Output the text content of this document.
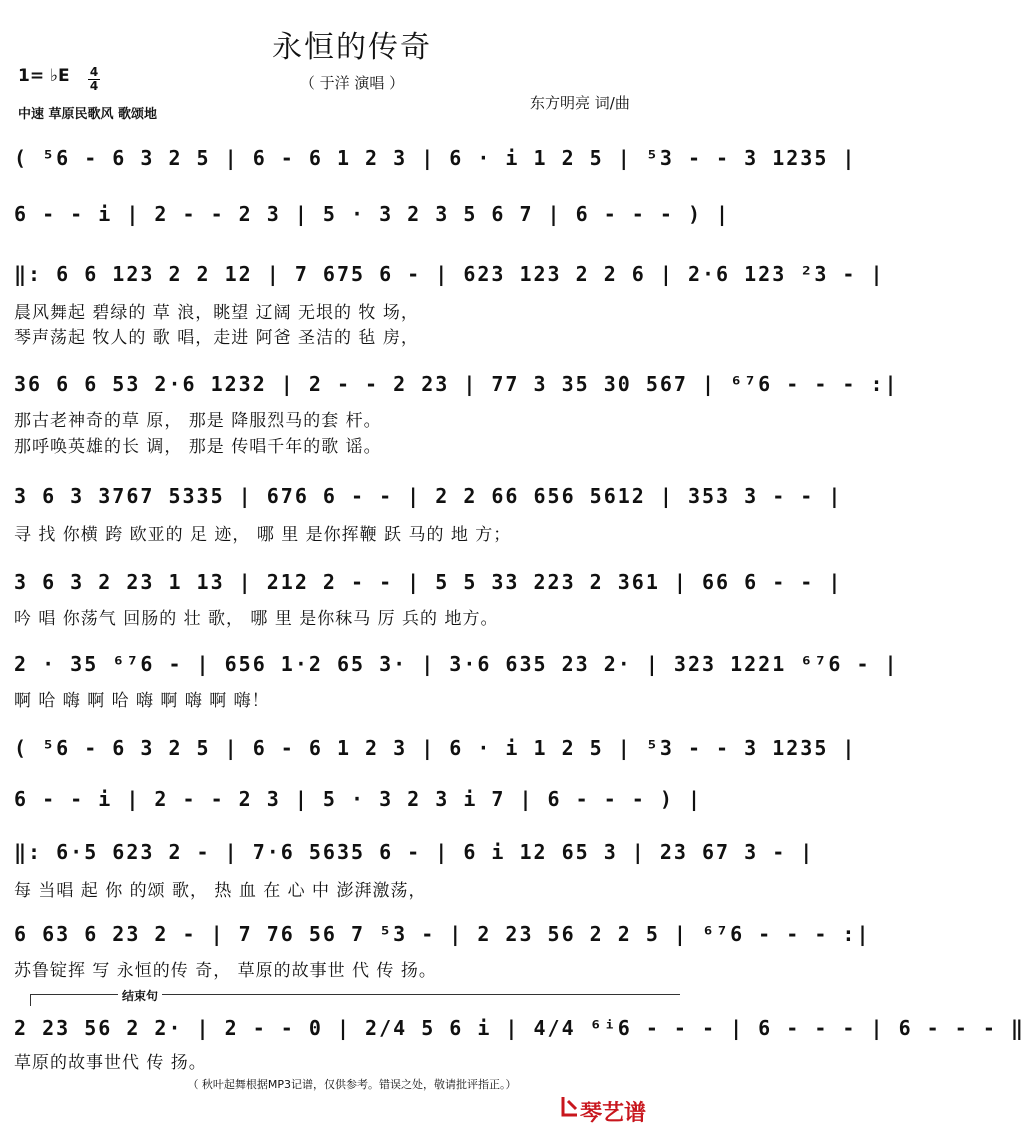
永恒的传奇
（ 于洋 演唱 ）
1= ♭E 4
4
中速 草原民歌风 歌颂地
东方明亮 词/曲
( ⁵6 - 6 3 2 5 | 6 - 6 1 2 3 | 6 · i 1 2 5 | ⁵3 - - 3 1235 |
6 - - i | 2 - - 2 3 | 5 · 3 2 3 5 6 7 | 6 - - - ) |
‖: 6 6 123 2 2 12 | 7 675 6 - | 623 123 2 2 6 | 2·6 123 ²3 - |
晨风舞起 碧绿的 草 浪，眺望 辽阔 无垠的 牧 场，
琴声荡起 牧人的 歌 唱，走进 阿爸 圣洁的 毡 房，
36 6 6 53 2·6 1232 | 2 - - 2 23 | 77 3 35 30 567 | ⁶⁷6 - - - :|
那古老神奇的草 原， 那是 降服烈马的套 杆。
那呼唤英雄的长 调， 那是 传唱千年的歌 谣。
3 6 3 3767 5335 | 676 6 - - | 2 2 66 656 5612 | 353 3 - - |
寻 找 你横 跨 欧亚的 足 迹， 哪 里 是你挥鞭 跃 马的 地 方；
3 6 3 2 23 1 13 | 212 2 - - | 5 5 33 223 2 361 | 66 6 - - |
吟 唱 你荡气 回肠的 壮 歌， 哪 里 是你秣马 厉 兵的 地方。
2 · 35 ⁶⁷6 - | 656 1·2 65 3· | 3·6 635 23 2· | 323 1221 ⁶⁷6 - |
啊 哈 嗨 啊 哈 嗨 啊 嗨 啊 嗨！
( ⁵6 - 6 3 2 5 | 6 - 6 1 2 3 | 6 · i 1 2 5 | ⁵3 - - 3 1235 |
6 - - i | 2 - - 2 3 | 5 · 3 2 3 i 7 | 6 - - - ) |
‖: 6·5 623 2 - | 7·6 5635 6 - | 6 i 12 65 3 | 23 67 3 - |
每 当唱 起 你 的颂 歌， 热 血 在 心 中 澎湃激荡，
6 63 6 23 2 - | 7 76 56 7 ⁵3 - | 2 23 56 2 2 5 | ⁶⁷6 - - - :|
苏鲁锭挥 写 永恒的传 奇， 草原的故事世 代 传 扬。
结束句
2 23 56 2 2· | 2 - - 0 | 2/4 5 6 i | 4/4 ⁶ⁱ6 - - - | 6 - - - | 6 - - - ‖
草原的故事世代 传 扬。
（ 秋叶起舞根据MP3记谱，仅供参考。错误之处，敬请批评指正。）
琴艺谱
